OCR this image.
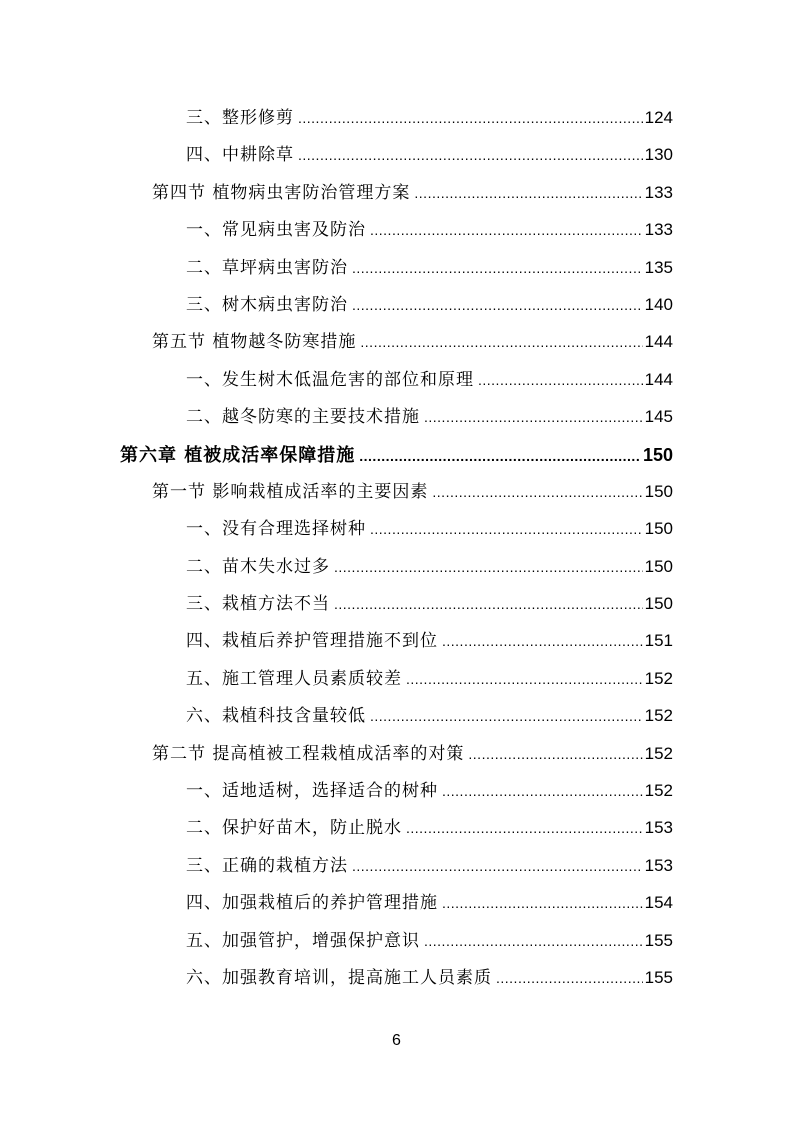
三、整形修剪 .....	124
四、中耕除草 .....	130
第四节 植物病虫害防治管理方案 .....	133
一、常见病虫害及防治 .....	133
二、草坪病虫害防治 .....	135
三、树木病虫害防治 .....	140
第五节 植物越冬防寒措施 .....	144
一、发生树木低温危害的部位和原理 .....	144
二、越冬防寒的主要技术措施 .....	145
第六章 植被成活率保障措施 .....	150
第一节 影响栽植成活率的主要因素 .....	150
一、没有合理选择树种 .....	150
二、苗木失水过多 .....	150
三、栽植方法不当 .....	150
四、栽植后养护管理措施不到位 .....	151
五、施工管理人员素质较差 .....	152
六、栽植科技含量较低 .....	152
第二节 提高植被工程栽植成活率的对策 .....	152
一、适地适树，选择适合的树种 .....	152
二、保护好苗木，防止脱水 .....	153
三、正确的栽植方法 .....	153
四、加强栽植后的养护管理措施 .....	154
五、加强管护，增强保护意识 .....	155
六、加强教育培训，提高施工人员素质 .....	155
6
